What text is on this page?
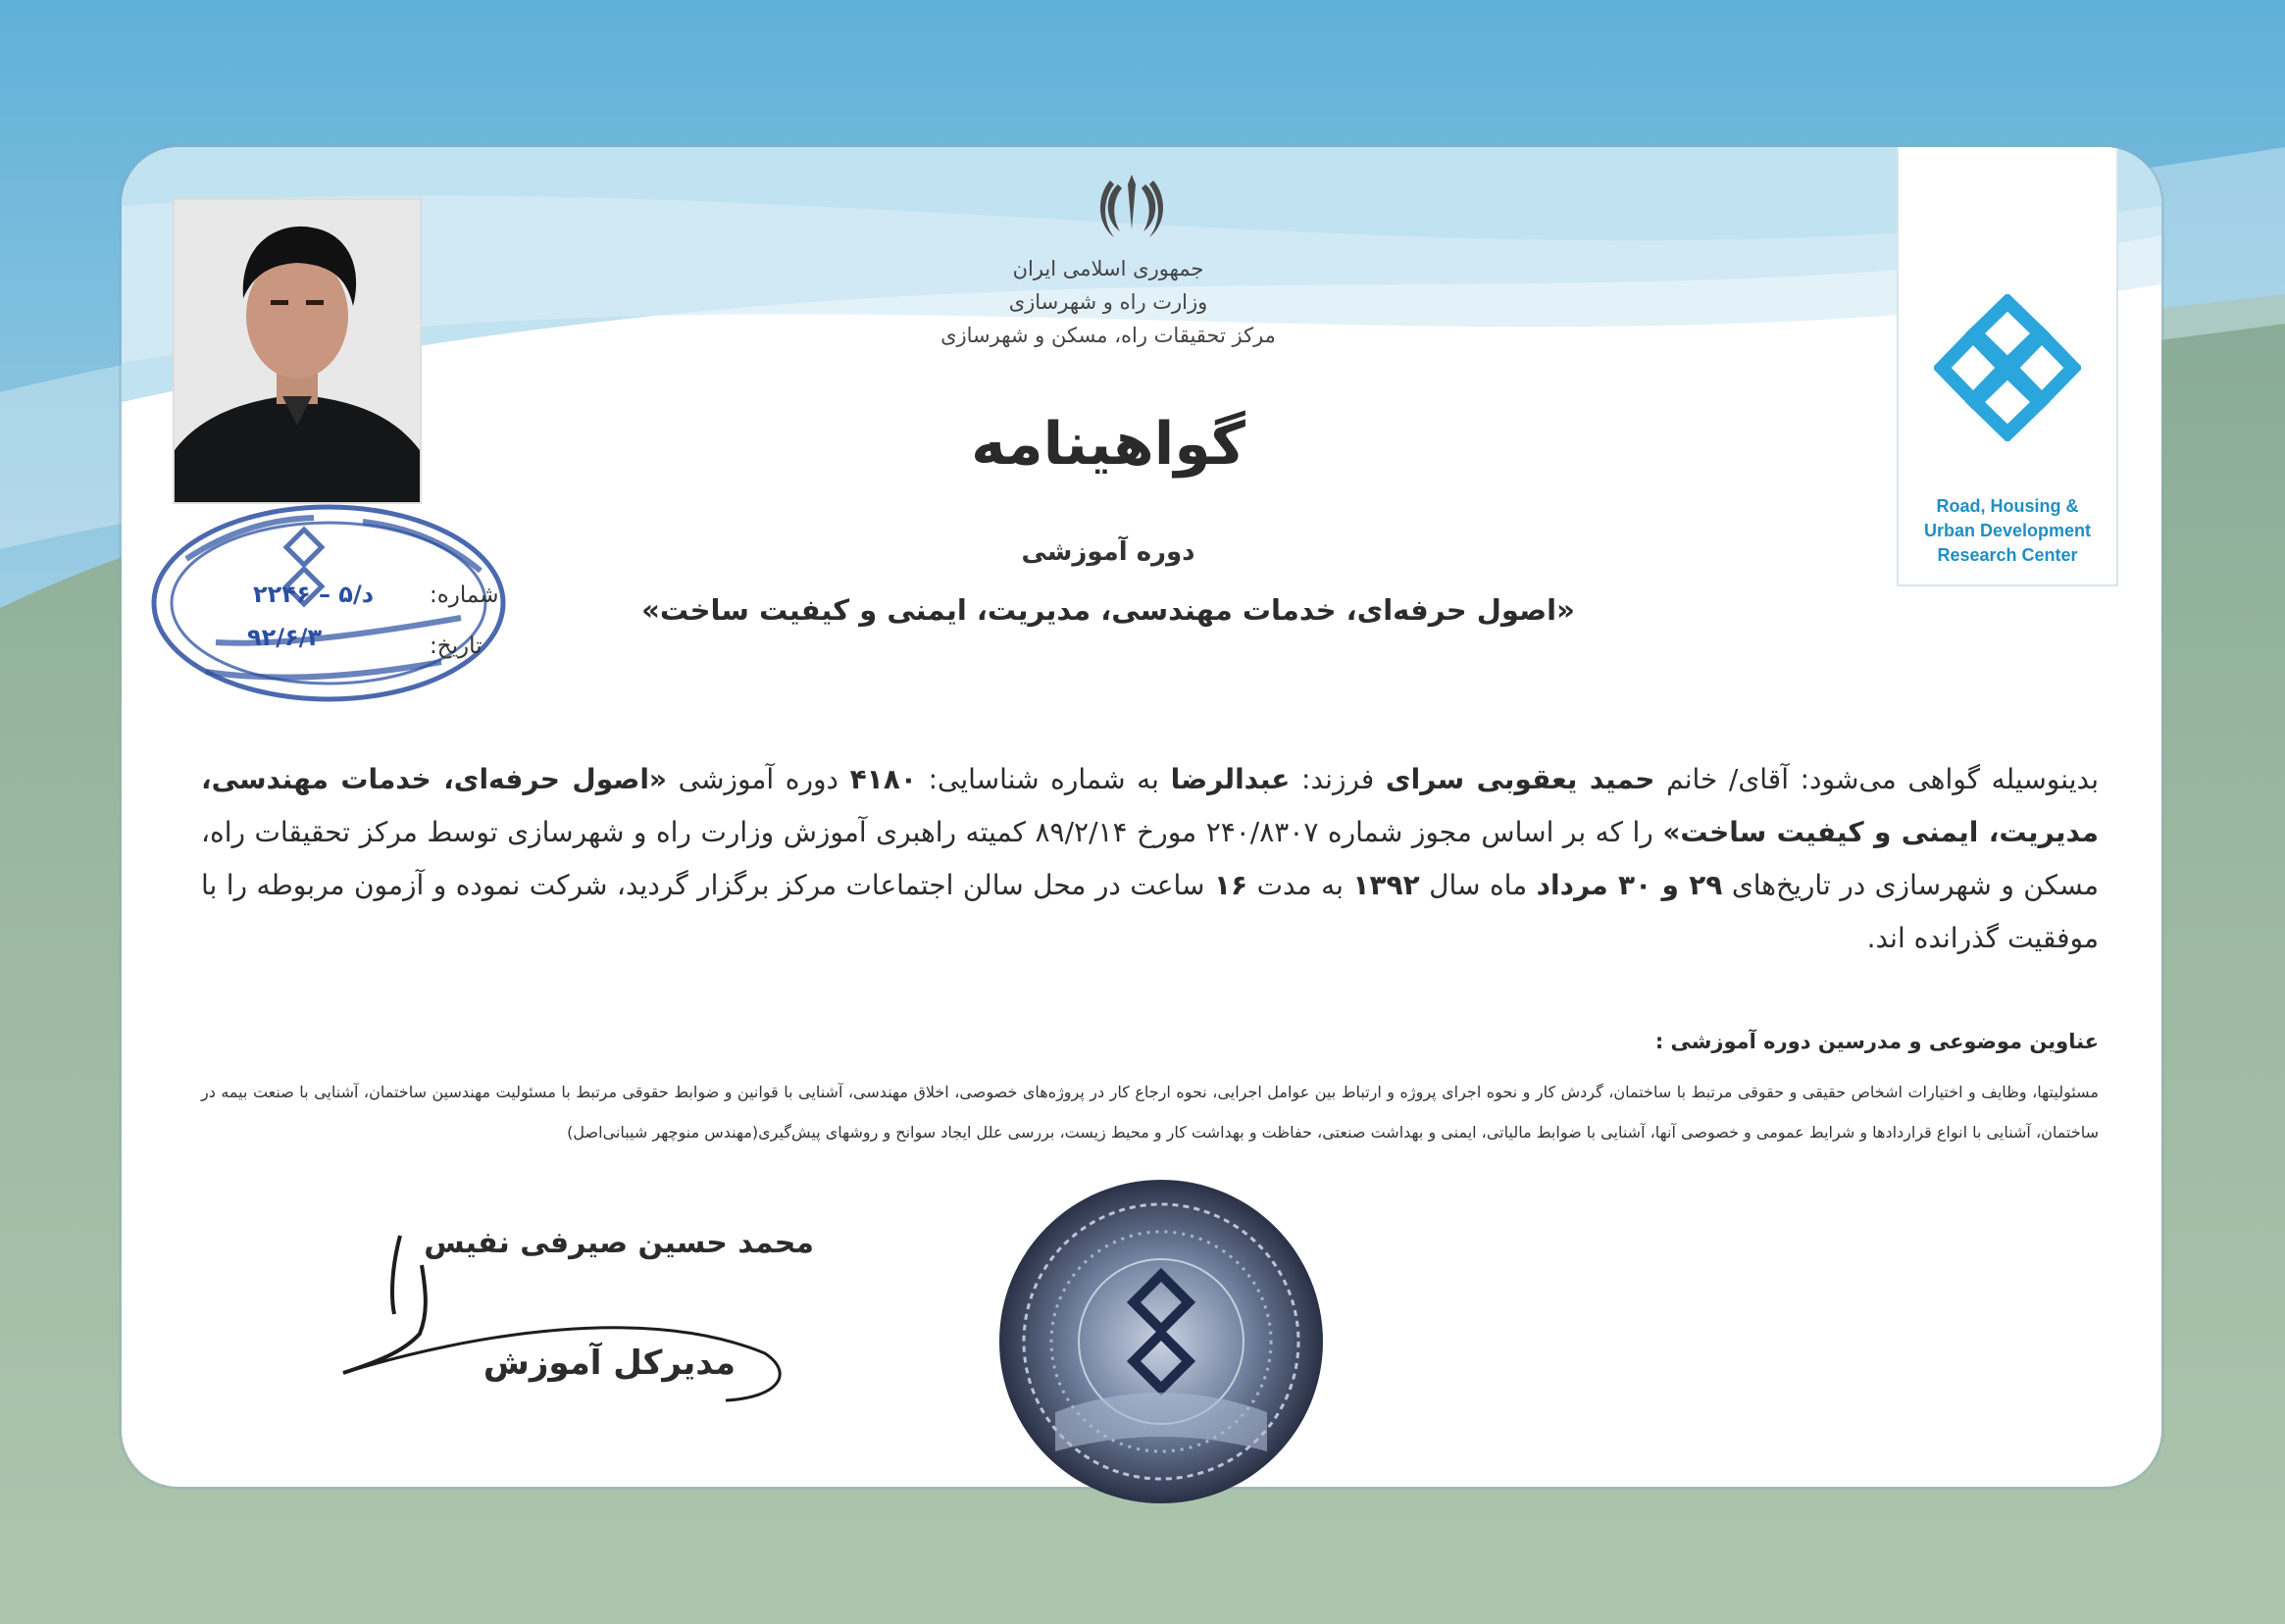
Road, Housing &
Urban Development
Research Center
شماره:
۲۲۴۶ – ۵/د
تاریخ:
۹۲/۶/۳
جمهوری اسلامی ایران
وزارت راه و شهرسازی
مرکز تحقیقات راه، مسکن و شهرسازی
گواهینامه
دوره آموزشی
«اصول حرفه‌ای، خدمات مهندسی، مدیریت، ایمنی و کیفیت ساخت»
بدینوسیله گواهی می‌شود: آقای/ خانم حمید یعقوبی سرای فرزند: عبدالرضا به شماره شناسایی: ۴۱۸۰ دوره آموزشی «اصول حرفه‌ای، خدمات مهندسی، مدیریت، ایمنی و کیفیت ساخت» را که بر اساس مجوز شماره ۲۴۰/۸۳۰۷ مورخ ۸۹/۲/۱۴ کمیته راهبری آموزش وزارت راه و شهرسازی توسط مرکز تحقیقات راه، مسکن و شهرسازی در تاریخ‌های ۲۹ و ۳۰ مرداد ماه سال ۱۳۹۲ به مدت ۱۶ ساعت در محل سالن اجتماعات مرکز برگزار گردید، شرکت نموده و آزمون مربوطه را با موفقیت گذرانده اند.
عناوین موضوعی و مدرسین دوره آموزشی :
مسئولیتها، وظایف و اختیارات اشخاص حقیقی و حقوقی مرتبط با ساختمان، گردش کار و نحوه اجرای پروژه و ارتباط بین عوامل اجرایی، نحوه ارجاع کار در پروژه‌های خصوصی، اخلاق مهندسی، آشنایی با قوانین و ضوابط حقوقی مرتبط با مسئولیت مهندسین ساختمان، آشنایی با صنعت بیمه در ساختمان، آشنایی با انواع قراردادها و شرایط عمومی و خصوصی آنها، آشنایی با ضوابط مالیاتی، ایمنی و بهداشت صنعتی، حفاظت و بهداشت کار و محیط زیست، بررسی علل ایجاد سوانح و روشهای پیش‌گیری(مهندس منوچهر شیبانی‌اصل)
محمد حسین صیرفی نفیس
مدیرکل آموزش
